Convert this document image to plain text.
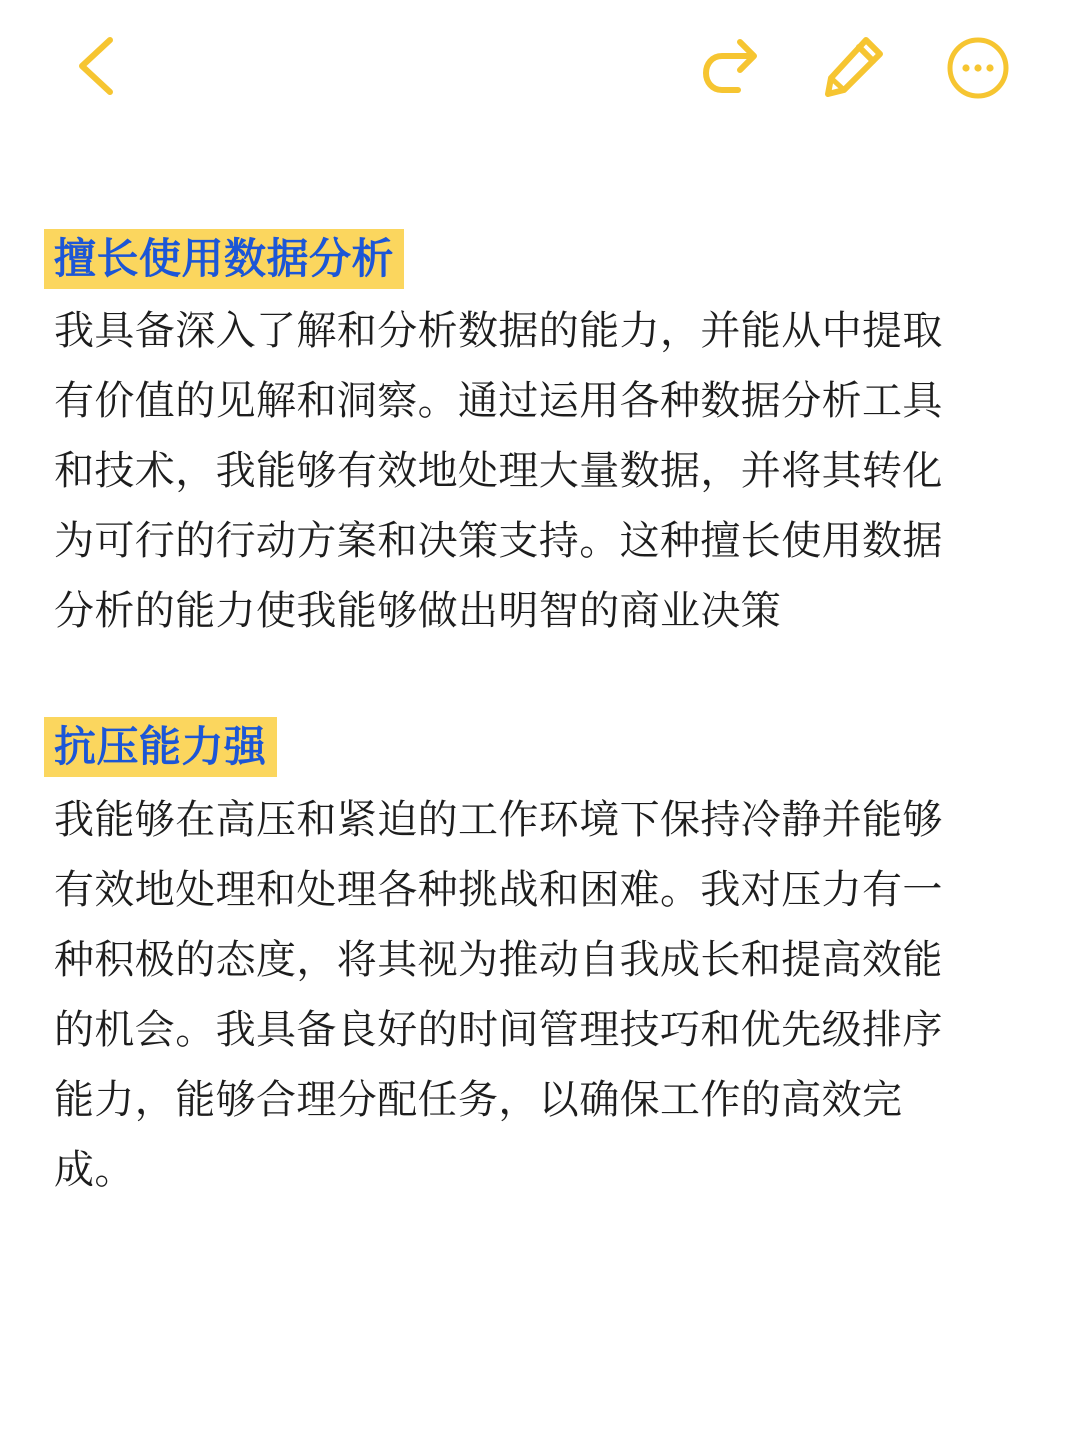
擅长使用数据分析
我具备深入了解和分析数据的能力，并能从中提取
有价值的见解和洞察。通过运用各种数据分析工具
和技术，我能够有效地处理大量数据，并将其转化
为可行的行动方案和决策支持。这种擅长使用数据
分析的能力使我能够做出明智的商业决策
抗压能力强
我能够在高压和紧迫的工作环境下保持冷静并能够
有效地处理和处理各种挑战和困难。我对压力有一
种积极的态度，将其视为推动自我成长和提高效能
的机会。我具备良好的时间管理技巧和优先级排序
能力，能够合理分配任务，以确保工作的高效完
成。
